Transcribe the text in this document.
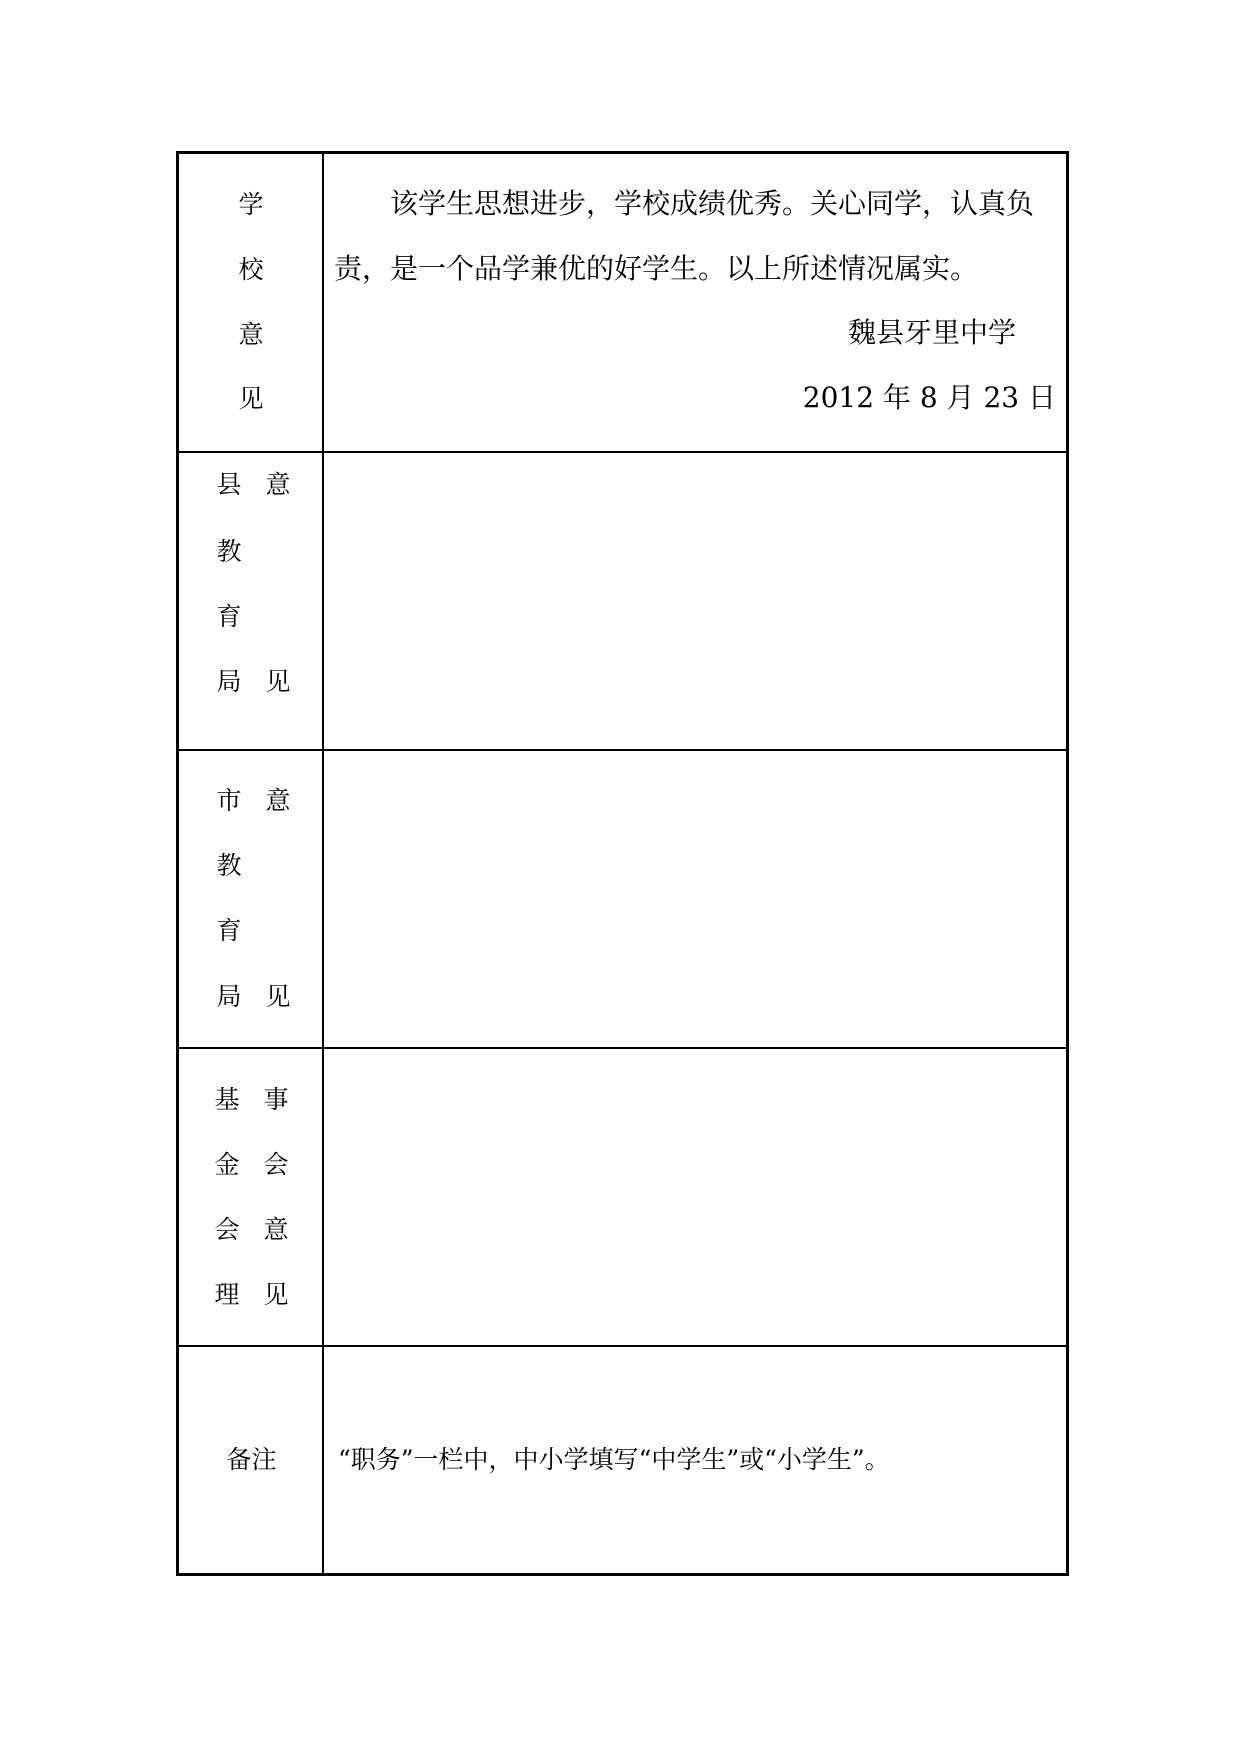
学
校
意
见
该学生思想进步，学校成绩优秀。关心同学，认真负
责，是一个品学兼优的好学生。以上所述情况属实。
魏县牙里中学
2012 年 8 月 23 日
县
教
育
局
意
见
市
教
育
局
意
见
基
金
会
理
事
会
意
见
备注	“职务”一栏中，中小学填写“中学生”或“小学生”。
